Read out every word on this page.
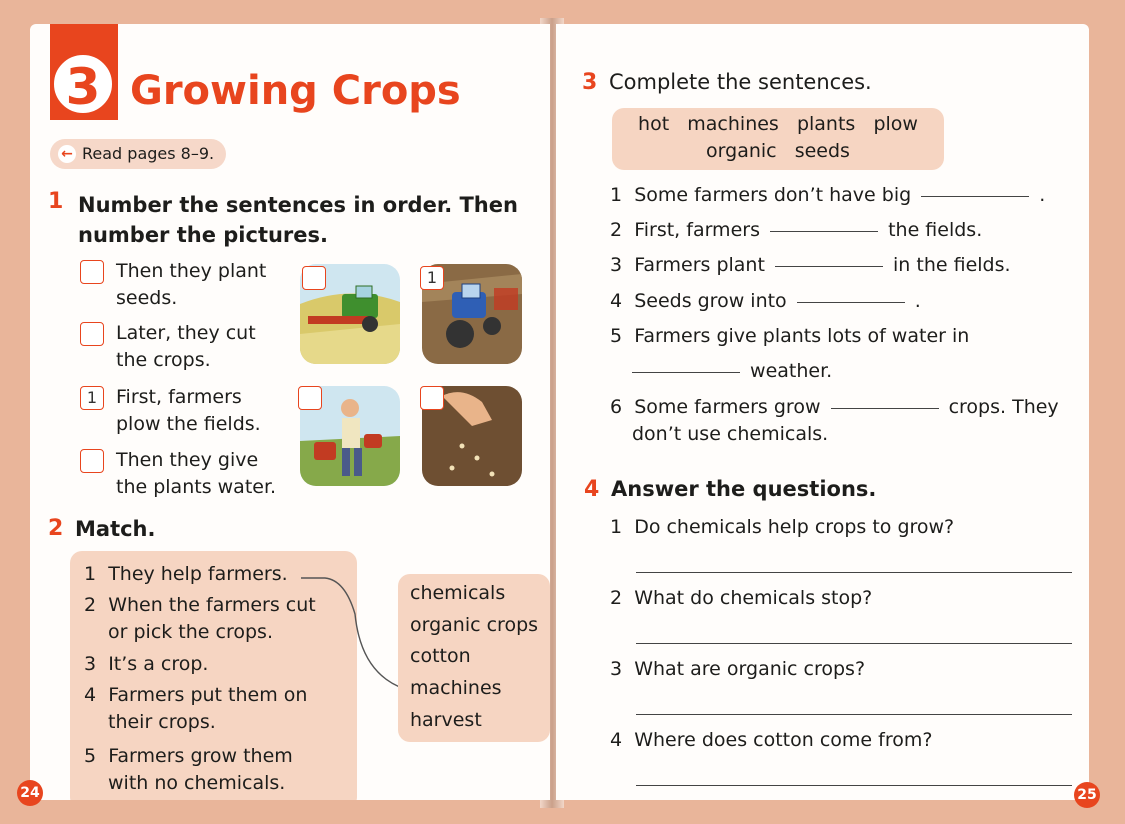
3 Growing Crops
← Read pages 8–9.
1 Number the sentences in order. Then
number the pictures.
Then they plant
seeds.
Later, they cut
the crops.
1 First, farmers
plow the fields.
Then they give
the plants water.
1
2 Match.
1 They help farmers.
2 When the farmers cut
or pick the crops.
3 It’s a crop.
4 Farmers put them on
their crops.
5 Farmers grow them
with no chemicals.
chemicals
organic crops
cotton
machines
harvest
24
3 Complete the sentences.
hot   machines   plants   plow
organic   seeds
1 Some farmers don’t have big	.
2 First, farmers	the fields.
3 Farmers plant	in the fields.
4 Seeds grow into	.
5 Farmers give plants lots of water in
weather.
6 Some farmers grow	crops. They
don’t use chemicals.
4 Answer the questions.
1 Do chemicals help crops to grow?
2 What do chemicals stop?
3 What are organic crops?
4 Where does cotton come from?
25
